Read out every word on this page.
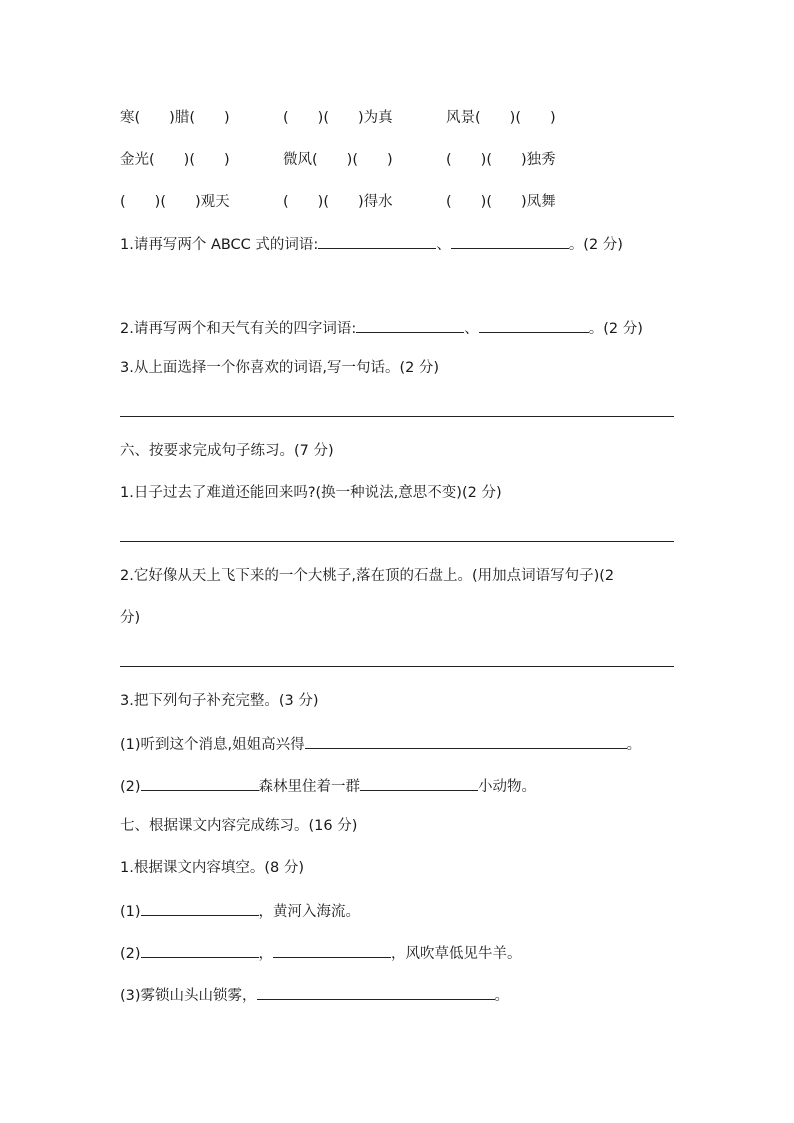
寒(　　)腊(　　)	(　　)(　　)为真	风景(　　)(　　)
金光(　　)(　　)	微风(　　)(　　)	(　　)(　　)独秀
(　　)(　　)观天	(　　)(　　)得水	(　　)(　　)凤舞
1.请再写两个 ABCC 式的词语:	、	。(2 分)
2.请再写两个和天气有关的四字词语:	、	。(2 分)
3.从上面选择一个你喜欢的词语,写一句话。(2 分)
六、按要求完成句子练习。(7 分)
1.日子过去了难道还能回来吗?(换一种说法,意思不变)(2 分)
2.它好像从天上飞下来的一个大桃子,落在顶的石盘上。(用加点词语写句子)(2
分)
3.把下列句子补充完整。(3 分)
(1)听到这个消息,姐姐高兴得	。
(2)	森林里住着一群	小动物。
七、根据课文内容完成练习。(16 分)
1.根据课文内容填空。(8 分)
(1)	，黄河入海流。
(2)	，	，风吹草低见牛羊。
(3)雾锁山头山锁雾，	。
